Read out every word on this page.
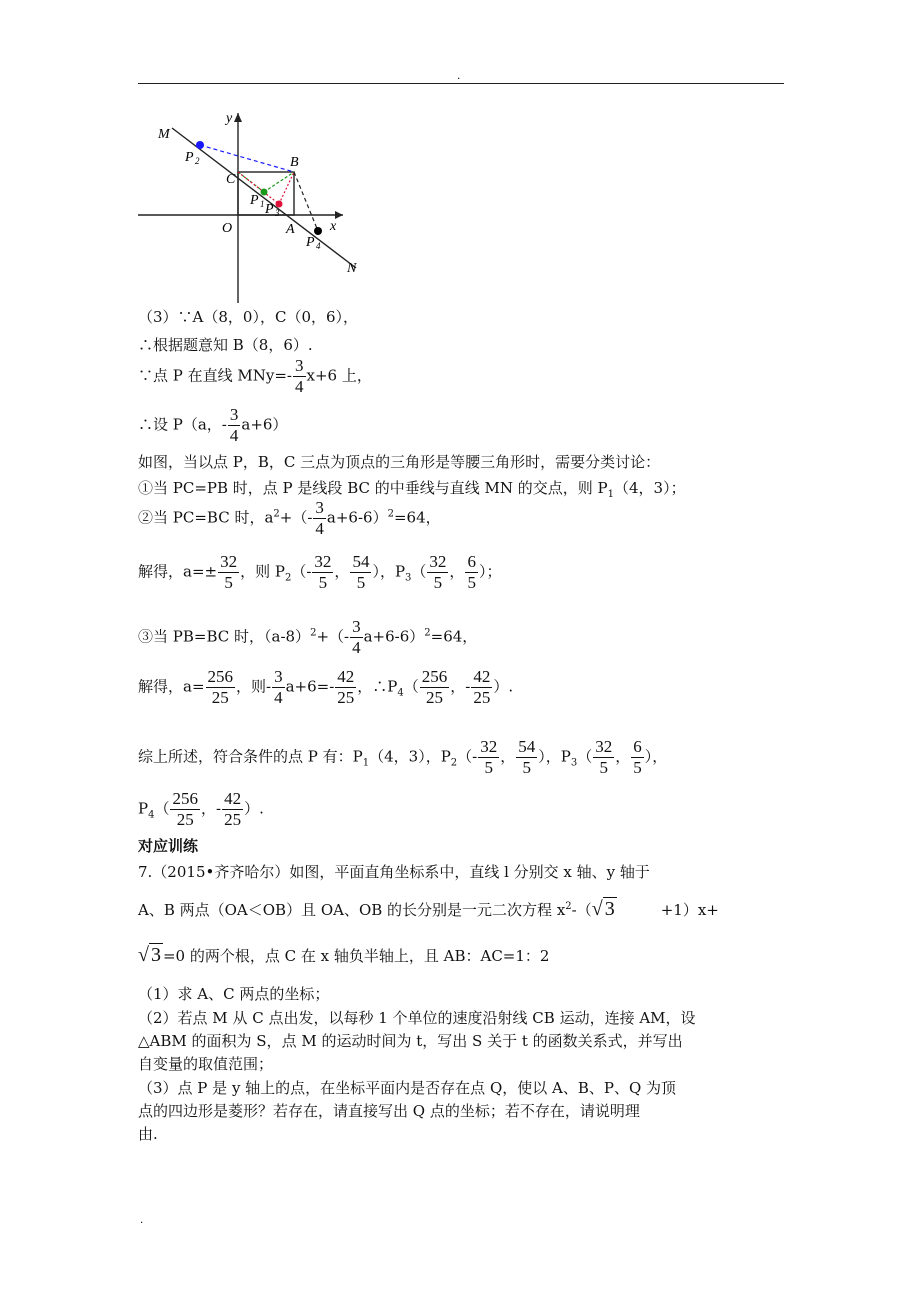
.
y
x
M
N
O	A
B
C
P 2
P 1 P 3
P 4
（3）∵A（8，0），C（0，6），
∴根据题意知 B（8，6）.
∵点 P 在直线 $MNy=- \frac{3}{4} x+6$ 上，
∴设 P（a，- $\frac{3}{4} a+6$）
如图，当以点 P，B，C 三点为顶点的三角形是等腰三角形时，需要分类讨论：
①当 PC=PB 时，点 P 是线段 BC 的中垂线与直线 MN 的交点，则 $P_1(4$，3）；
②当 PC=BC 时，$a^2+(- \frac{3}{4} a+6-6)^2=64$，
解得，$a=\pm \frac{32}{5}$ ，则 $P_2(- \frac{32}{5}$ ， $\frac{54}{5}$ ），$P_3( \frac{32}{5}$ ， $\frac{6}{5}$ ）；
③当 PB=BC 时，$(a-8)^2+(- \frac{3}{4} a+6-6)^2=64$，
解得，$a= \frac{256}{25}$ ，则- $\frac{3}{4} a+6=- \frac{42}{25}$ ，$\therefore P_4( \frac{256}{25}$ ，- $\frac{42}{25}$ ）.
综上所述，符合条件的点 P 有：$P_1(4$，3），$P_2(- \frac{32}{5}$ ， $\frac{54}{5}$ ），$P_3( \frac{32}{5}$ ， $\frac{6}{5}$ ），
$P_4( \frac{256}{25}$ ，- $\frac{42}{25}$ ）.
对应训练
7.（2015•齐齐哈尔）如图，平面直角坐标系中，直线 l 分别交 x 轴、y 轴于
A、B 两点（OA＜OB）且 OA、OB 的长分别是一元二次方程 $x^2-(√$ 3	+1）x+
√ 3 =0 的两个根，点 C 在 x 轴负半轴上，且 AB：AC=1：2
（1）求 A、C 两点的坐标；
（2）若点 M 从 C 点出发，以每秒 1 个单位的速度沿射线 CB 运动，连接 AM，设
△ABM 的面积为 S，点 M 的运动时间为 t，写出 S 关于 t 的函数关系式，并写出
自变量的取值范围；
（3）点 P 是 y 轴上的点，在坐标平面内是否存在点 Q，使以 A、B、P、Q 为顶
点的四边形是菱形？若存在，请直接写出 Q 点的坐标；若不存在，请说明理
由.
.
